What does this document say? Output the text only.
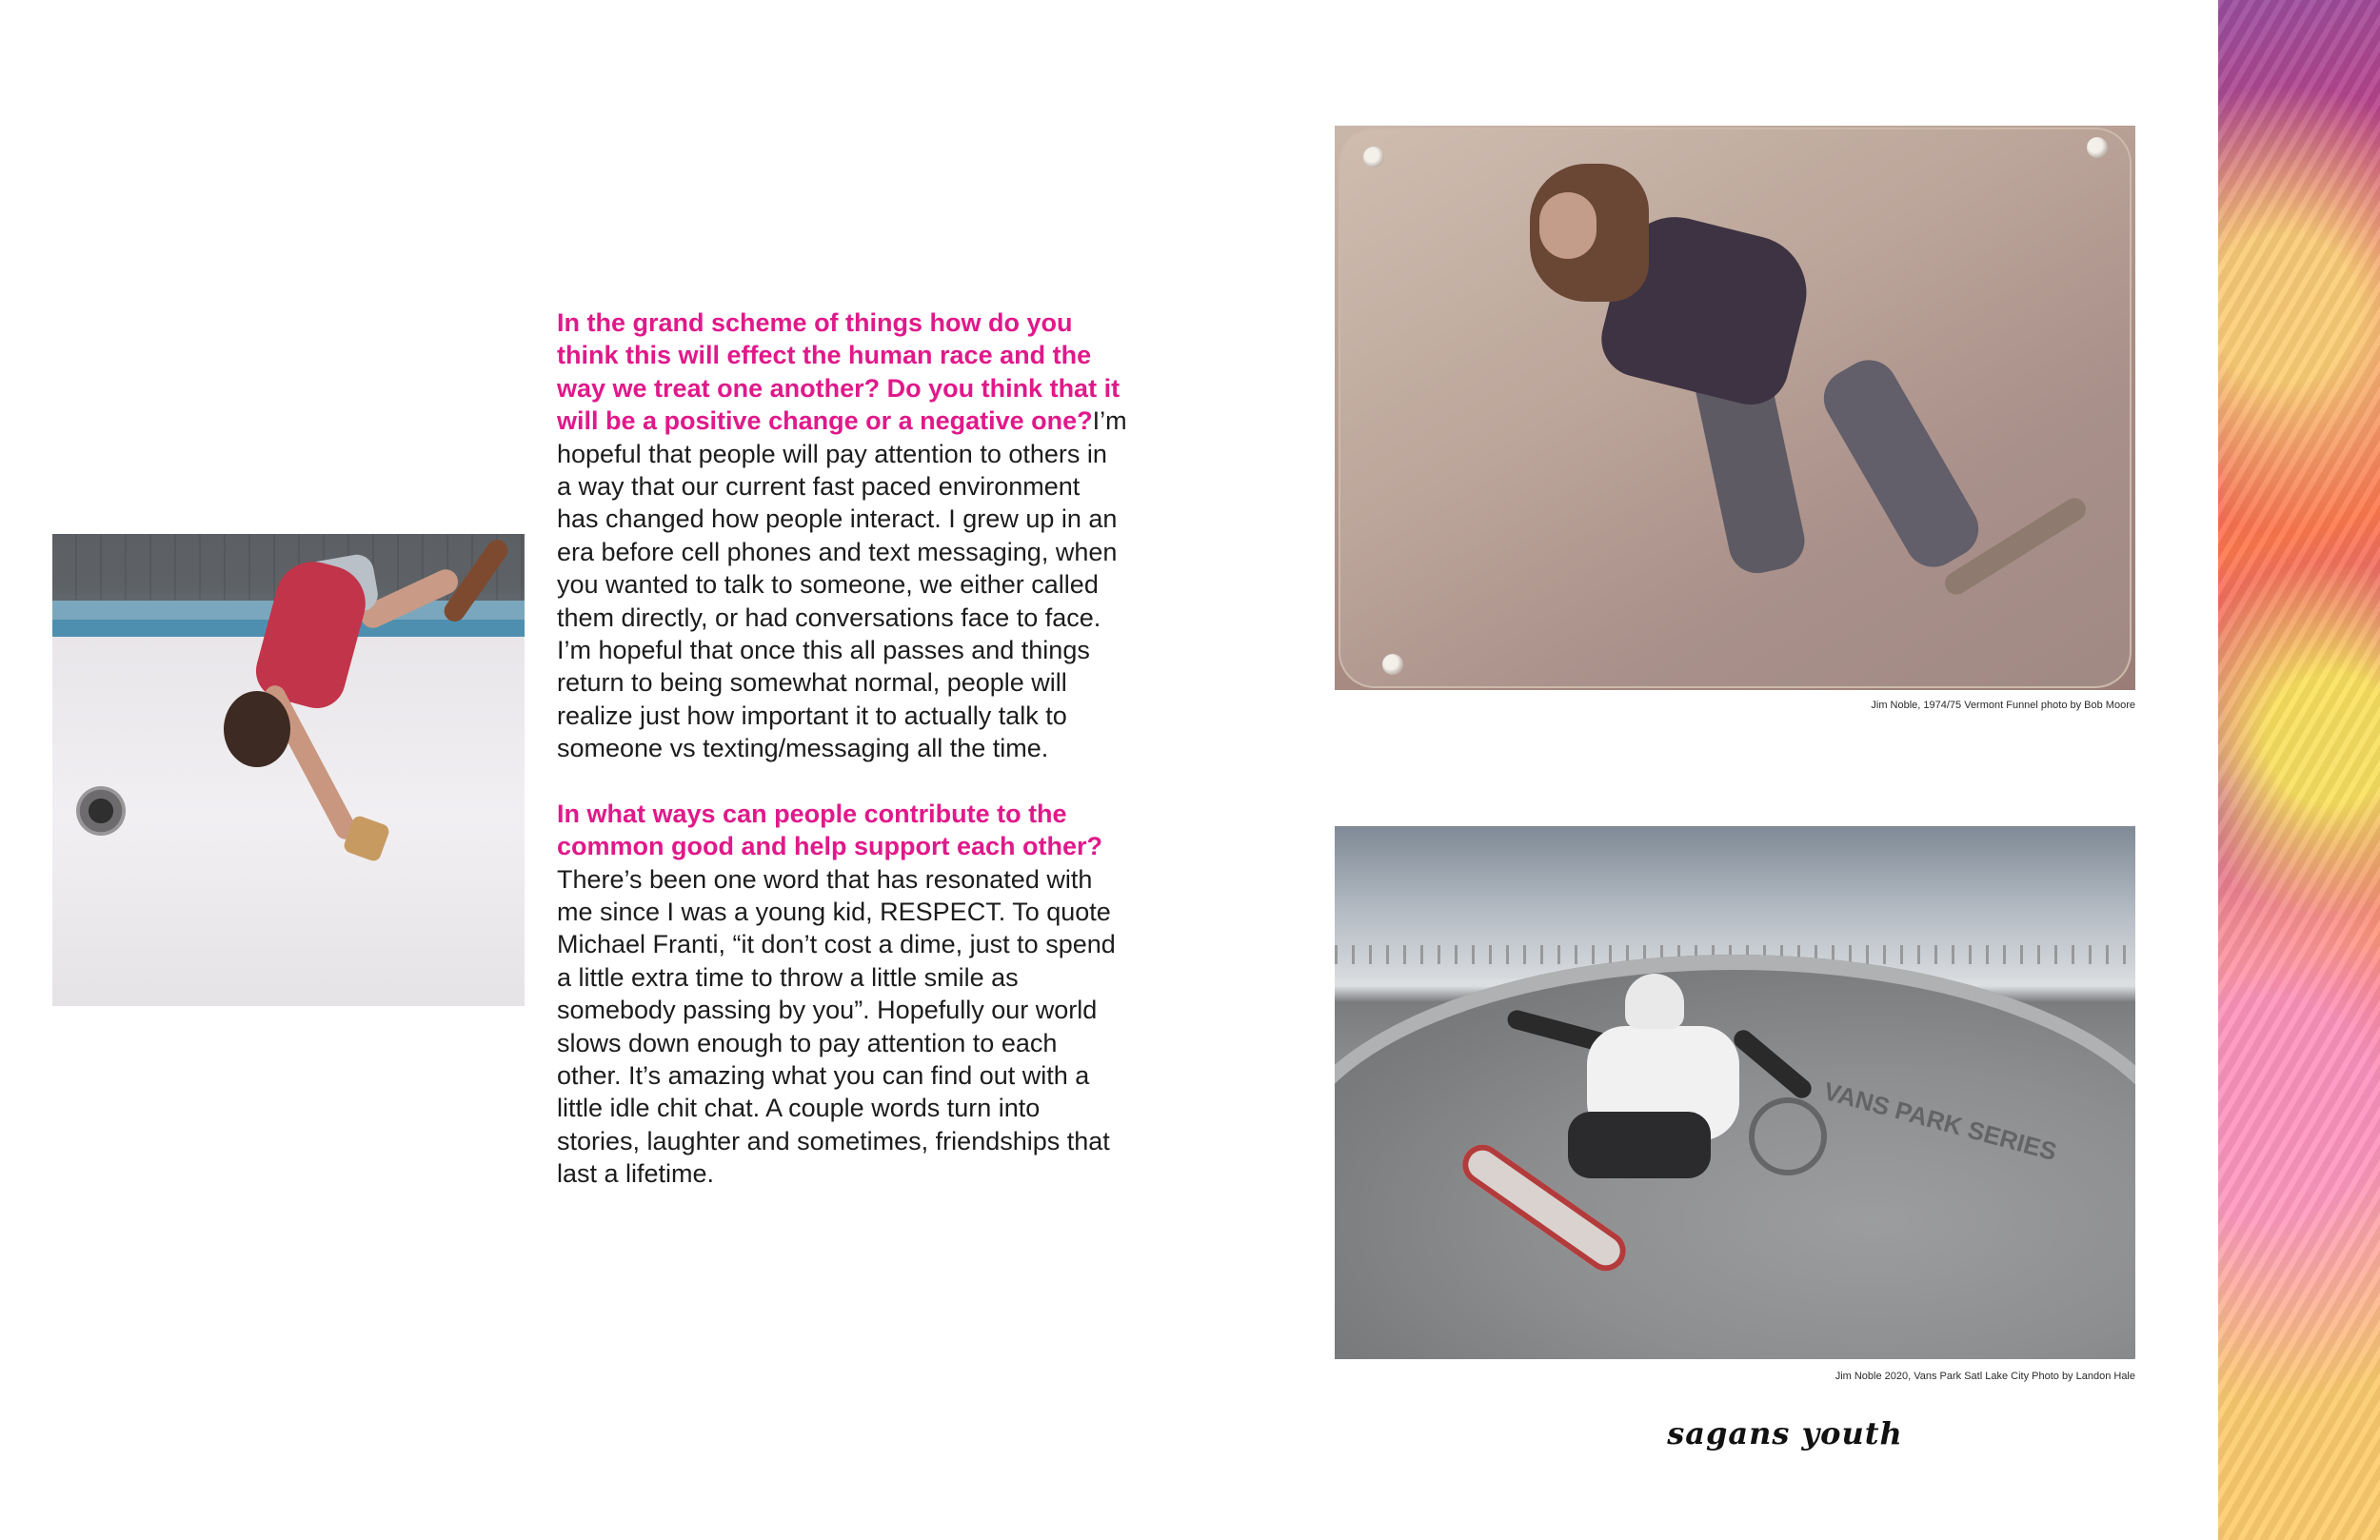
In the grand scheme of things how do you think this will effect the human race and the way we treat one another? Do you think that it will be a positive change or a negative one?I’m hopeful that people will pay attention to others in a way that our current fast paced environment has changed how people interact. I grew up in an era before cell phones and text messaging, when you wanted to talk to someone, we either called them directly, or had conversations face to face. I’m hopeful that once this all passes and things return to being somewhat normal, people will realize just how important it to actually talk to someone vs texting/messaging all the time.

In what ways can people contribute to the common good and help support each other? There’s been one word that has resonated with me since I was a young kid, RESPECT. To quote Michael Franti, “it don’t cost a dime, just to spend a little extra time to throw a little smile as somebody passing by you”. Hopefully our world slows down enough to pay attention to each other. It’s amazing what you can find out with a little idle chit chat. A couple words turn into stories, laughter and sometimes, friendships that last a lifetime.

Jim Noble, 1974/75 Vermont Funnel photo by Bob Moore
VANS PARK SERIES
Jim Noble 2020, Vans Park Satl Lake City Photo by Landon Hale
sagans youth
